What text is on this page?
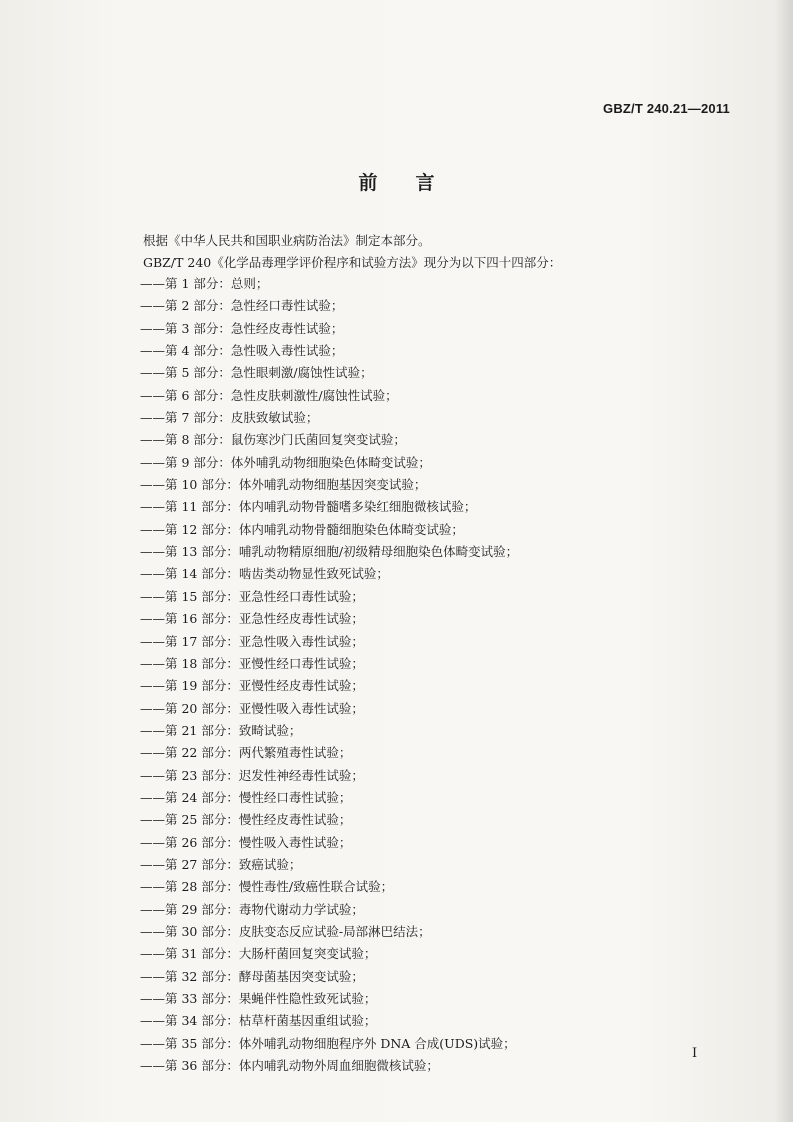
GBZ/T 240.21—2011
前言
根据《中华人民共和国职业病防治法》制定本部分。
GBZ/T 240《化学品毒理学评价程序和试验方法》现分为以下四十四部分：
——第 1 部分：总则；
——第 2 部分：急性经口毒性试验；
——第 3 部分：急性经皮毒性试验；
——第 4 部分：急性吸入毒性试验；
——第 5 部分：急性眼刺激/腐蚀性试验；
——第 6 部分：急性皮肤刺激性/腐蚀性试验；
——第 7 部分：皮肤致敏试验；
——第 8 部分：鼠伤寒沙门氏菌回复突变试验；
——第 9 部分：体外哺乳动物细胞染色体畸变试验；
——第 10 部分：体外哺乳动物细胞基因突变试验；
——第 11 部分：体内哺乳动物骨髓嗜多染红细胞微核试验；
——第 12 部分：体内哺乳动物骨髓细胞染色体畸变试验；
——第 13 部分：哺乳动物精原细胞/初级精母细胞染色体畸变试验；
——第 14 部分：啮齿类动物显性致死试验；
——第 15 部分：亚急性经口毒性试验；
——第 16 部分：亚急性经皮毒性试验；
——第 17 部分：亚急性吸入毒性试验；
——第 18 部分：亚慢性经口毒性试验；
——第 19 部分：亚慢性经皮毒性试验；
——第 20 部分：亚慢性吸入毒性试验；
——第 21 部分：致畸试验；
——第 22 部分：两代繁殖毒性试验；
——第 23 部分：迟发性神经毒性试验；
——第 24 部分：慢性经口毒性试验；
——第 25 部分：慢性经皮毒性试验；
——第 26 部分：慢性吸入毒性试验；
——第 27 部分：致癌试验；
——第 28 部分：慢性毒性/致癌性联合试验；
——第 29 部分：毒物代谢动力学试验；
——第 30 部分：皮肤变态反应试验-局部淋巴结法；
——第 31 部分：大肠杆菌回复突变试验；
——第 32 部分：酵母菌基因突变试验；
——第 33 部分：果蝇伴性隐性致死试验；
——第 34 部分：枯草杆菌基因重组试验；
——第 35 部分：体外哺乳动物细胞程序外 DNA 合成(UDS)试验；
——第 36 部分：体内哺乳动物外周血细胞微核试验；
I
